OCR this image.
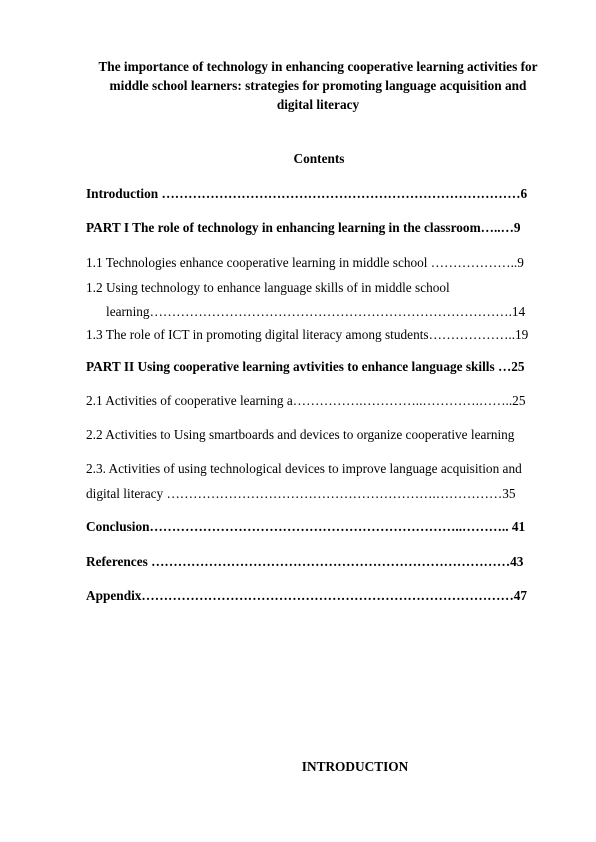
The importance of technology in enhancing cooperative learning activities for
middle school learners: strategies for promoting language acquisition and
digital literacy
Contents
Introduction ………………………………………………………………………6
PART I The role of technology in enhancing learning in the classroom…..…9
1.1 Technologies enhance cooperative learning in middle school ………………..9
1.2 Using technology to enhance language skills of in middle school
learning……………………………………………………………………….14
1.3 The role of ICT in promoting digital literacy among students………………..19
PART II Using cooperative learning avtivities to enhance language skills …25
2.1 Activities of cooperative learning a…………….…………..………….……..25
2.2 Activities to Using smartboards and devices to organize cooperative learning
2.3. Activities of using technological devices to improve language acquisition and
digital literacy …………………………………………………….……………35
Conclusion……………………………………………………………..……….. 41
References ………………………………………………………………………43
Appendix…………………………………………………………………………47
INTRODUCTION
